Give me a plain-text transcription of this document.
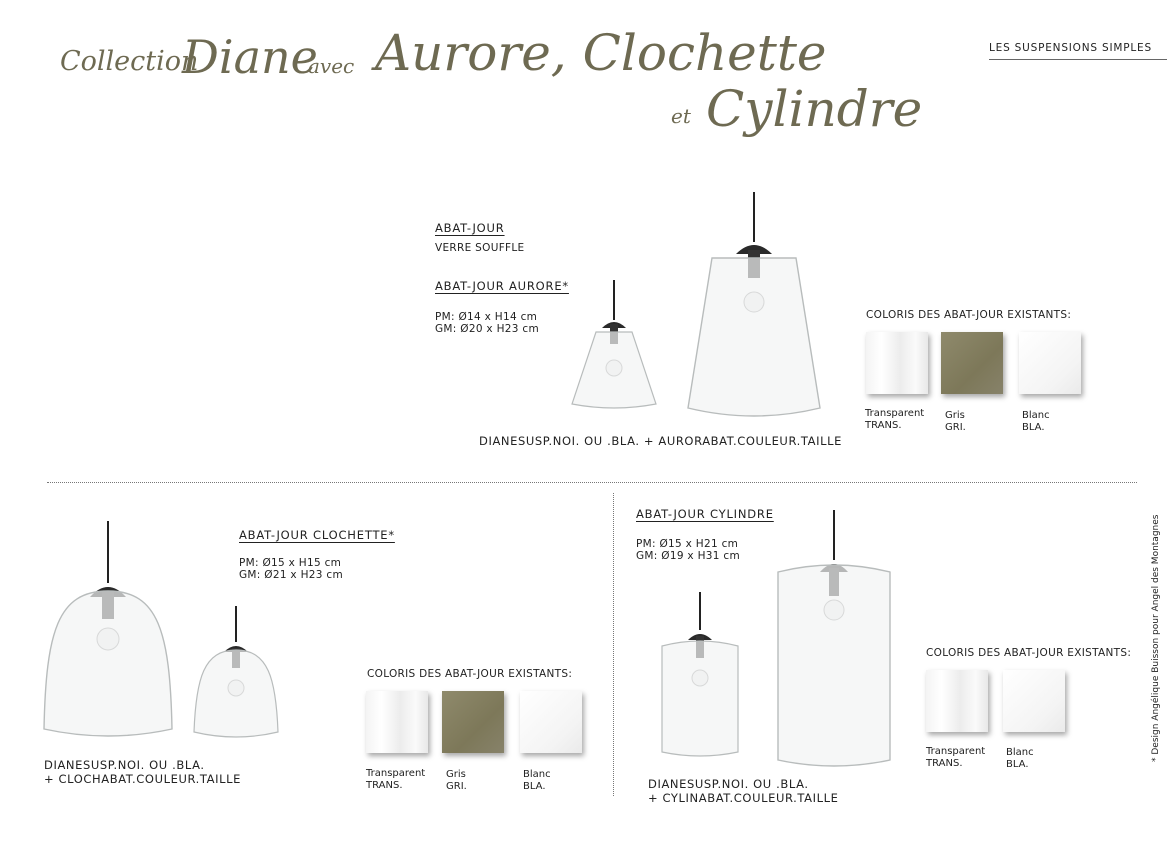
Collection
Diane
avec Aurore, Clochette
et Cylindre
LES SUSPENSIONS SIMPLES
ABAT-JOUR
VERRE SOUFFLE
ABAT-JOUR AURORE*
PM: Ø14 x H14 cm
GM: Ø20 x H23 cm
DIANESUSP.NOI. OU .BLA. + AURORABAT.COULEUR.TAILLE
COLORIS DES ABAT-JOUR EXISTANTS:
Transparent
TRANS.
Gris
GRI.
Blanc
BLA.
ABAT-JOUR CLOCHETTE*
PM: Ø15 x H15 cm
GM: Ø21 x H23 cm
DIANESUSP.NOI. OU .BLA.
+ CLOCHABAT.COULEUR.TAILLE
COLORIS DES ABAT-JOUR EXISTANTS:
Transparent
TRANS.
Gris
GRI.
Blanc
BLA.
ABAT-JOUR CYLINDRE
PM: Ø15 x H21 cm
GM: Ø19 x H31 cm
DIANESUSP.NOI. OU .BLA.
+ CYLINABAT.COULEUR.TAILLE
COLORIS DES ABAT-JOUR EXISTANTS:
Transparent
TRANS.
Blanc
BLA.
* Design Angélique Buisson pour Angel des Montagnes
